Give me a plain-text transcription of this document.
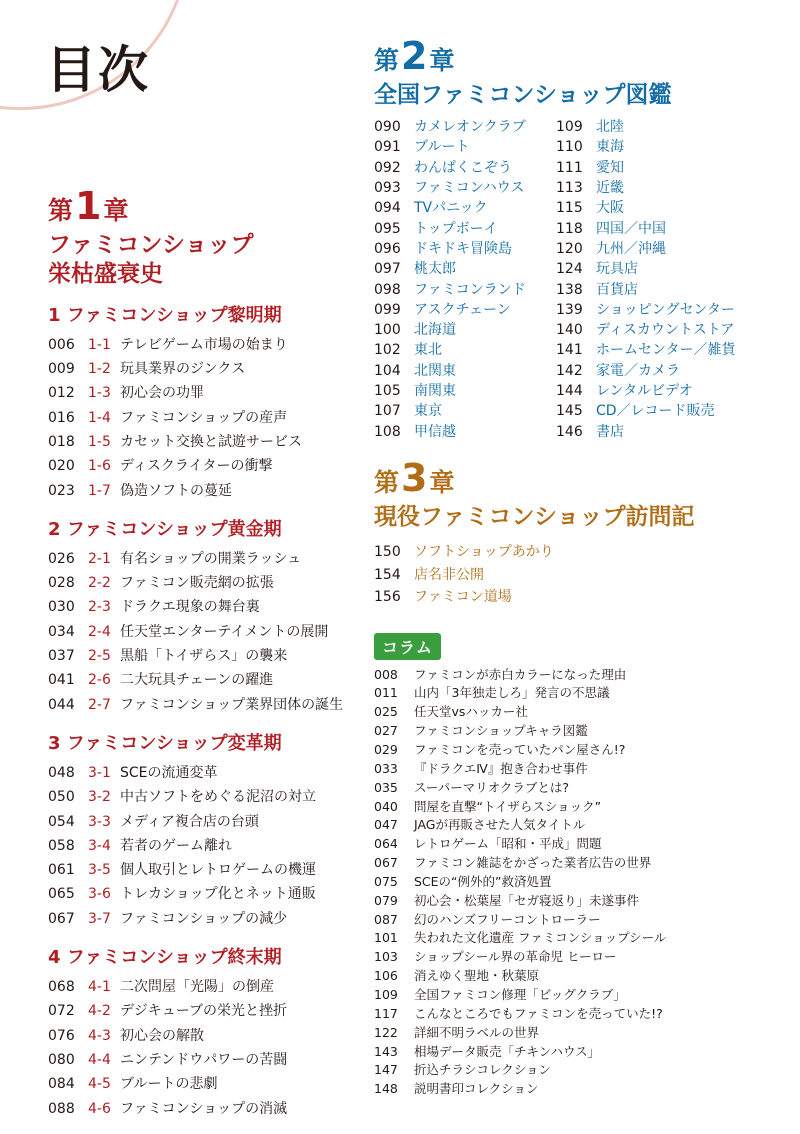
目次
第1章
ファミコンショップ
栄枯盛衰史
1 ファミコンショップ黎明期
006 1-1 テレビゲーム市場の始まり
009 1-2 玩具業界のジンクス
012 1-3 初心会の功罪
016 1-4 ファミコンショップの産声
018 1-5 カセット交換と試遊サービス
020 1-6 ディスクライターの衝撃
023 1-7 偽造ソフトの蔓延
2 ファミコンショップ黄金期
026 2-1 有名ショップの開業ラッシュ
028 2-2 ファミコン販売網の拡張
030 2-3 ドラクエ現象の舞台裏
034 2-4 任天堂エンターテイメントの展開
037 2-5 黒船「トイザらス」の襲来
041 2-6 二大玩具チェーンの躍進
044 2-7 ファミコンショップ業界団体の誕生
3 ファミコンショップ変革期
048 3-1 SCEの流通変革
050 3-2 中古ソフトをめぐる泥沼の対立
054 3-3 メディア複合店の台頭
058 3-4 若者のゲーム離れ
061 3-5 個人取引とレトロゲームの機運
065 3-6 トレカショップ化とネット通販
067 3-7 ファミコンショップの減少
4 ファミコンショップ終末期
068 4-1 二次問屋「光陽」の倒産
072 4-2 デジキューブの栄光と挫折
076 4-3 初心会の解散
080 4-4 ニンテンドウパワーの苦闘
084 4-5 ブルートの悲劇
088 4-6 ファミコンショップの消滅
第2章
全国ファミコンショップ図鑑
090 カメレオンクラブ
091 ブルート
092 わんぱくこぞう
093 ファミコンハウス
094 TVパニック
095 トップボーイ
096 ドキドキ冒険島
097 桃太郎
098 ファミコンランド
099 アスクチェーン
100 北海道
102 東北
104 北関東
105 南関東
107 東京
108 甲信越
109 北陸
110 東海
111 愛知
113 近畿
115 大阪
118 四国／中国
120 九州／沖縄
124 玩具店
138 百貨店
139 ショッピングセンター
140 ディスカウントストア
141 ホームセンター／雑貨
142 家電／カメラ
144 レンタルビデオ
145 CD／レコード販売
146 書店
第3章
現役ファミコンショップ訪問記
150 ソフトショップあかり
154 店名非公開
156 ファミコン道場
コラム
008	ファミコンが赤白カラーになった理由
011	山内「3年独走しろ」発言の不思議
025	任天堂vsハッカー社
027	ファミコンショップキャラ図鑑
029	ファミコンを売っていたパン屋さん!?
033	『ドラクエⅣ』抱き合わせ事件
035	スーパーマリオクラブとは?
040	問屋を直撃“トイザらスショック”
047	JAGが再販させた人気タイトル
064	レトロゲーム「昭和・平成」問題
067	ファミコン雑誌をかざった業者広告の世界
075	SCEの“例外的”救済処置
079	初心会・松葉屋「セガ寝返り」未遂事件
087	幻のハンズフリーコントローラー
101	失われた文化遺産 ファミコンショップシール
103	ショップシール界の革命児 ヒーロー
106	消えゆく聖地・秋葉原
109	全国ファミコン修理「ビッグクラブ」
117	こんなところでもファミコンを売っていた!?
122	詳細不明ラベルの世界
143	相場データ販売「チキンハウス」
147	折込チラシコレクション
148	説明書印コレクション
